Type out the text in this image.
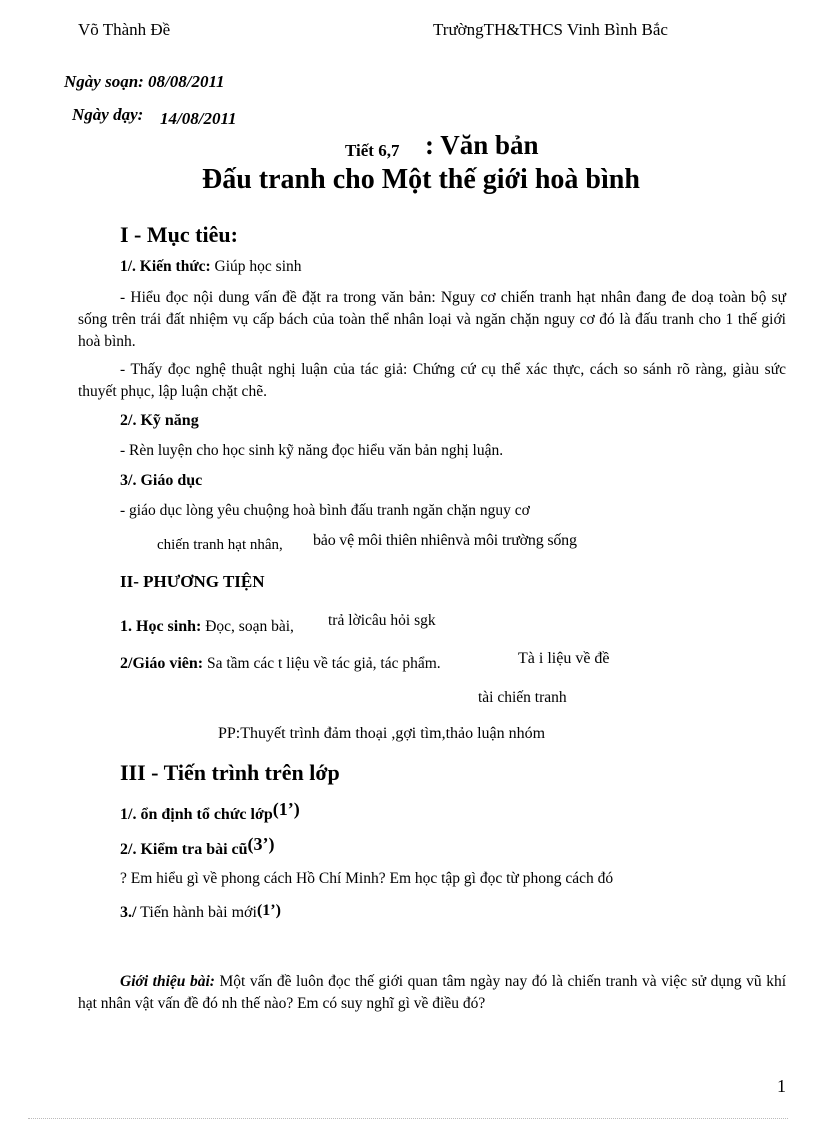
Võ Thành Đề	TrườngTH&THCS Vinh Bình Bắc
Ngày soạn: 08/08/2011
Ngày dạy: 14/08/2011
Tiết 6,7 : Văn bản
Đấu tranh cho Một thế giới hoà bình
I - Mục tiêu:
1/. Kiến thức: Giúp học sinh
- Hiểu đọc nội dung vấn đề đặt ra trong văn bản: Nguy cơ chiến tranh hạt nhân đang đe doạ toàn bộ sự sống trên trái đất nhiệm vụ cấp bách của toàn thể nhân loại và ngăn chặn nguy cơ đó là đấu tranh cho 1 thế giới hoà bình.
- Thấy đọc nghệ thuật nghị luận của tác giả: Chứng cứ cụ thể xác thực, cách so sánh rõ ràng, giàu sức thuyết phục, lập luận chặt chẽ.
2/. Kỹ năng
- Rèn luyện cho học sinh kỹ năng đọc hiểu văn bản nghị luận.
3/. Giáo dục
- giáo dục lòng yêu chuộng hoà bình đấu tranh ngăn chặn nguy cơ
chiến tranh hạt nhân, bảo vệ môi thiên nhiênvà môi trường sống
II- PHƯƠNG TIỆN
1. Học sinh: Đọc, soạn bài, trả lờicâu hỏi sgk
2/Giáo viên: Sa tầm các t liệu về tác giả, tác phẩm.	Tà i liệu về đề
tài chiến tranh
PP:Thuyết trình đảm thoại ,gợi tìm,thảo luận nhóm
III - Tiến trình trên lớp
1/. ổn định tổ chức lớp(1’)
2/. Kiểm tra bài cũ(3’)
? Em hiểu gì về phong cách Hồ Chí Minh? Em học tập gì đọc từ phong cách đó
3./ Tiến hành bài mới(1’)
Giới thiệu bài: Một vấn đề luôn đọc thế giới quan tâm ngày nay đó là chiến tranh và việc sử dụng vũ khí hạt nhân vật vấn đề đó nh thế nào? Em có suy nghĩ gì về điều đó?
1
